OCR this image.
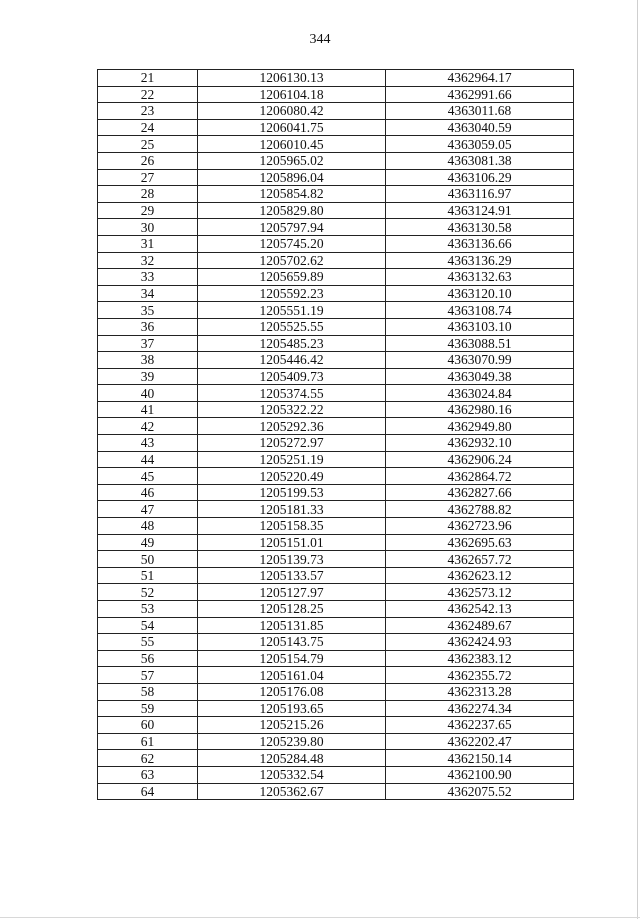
344
21	1206130.13	4362964.17
22	1206104.18	4362991.66
23	1206080.42	4363011.68
24	1206041.75	4363040.59
25	1206010.45	4363059.05
26	1205965.02	4363081.38
27	1205896.04	4363106.29
28	1205854.82	4363116.97
29	1205829.80	4363124.91
30	1205797.94	4363130.58
31	1205745.20	4363136.66
32	1205702.62	4363136.29
33	1205659.89	4363132.63
34	1205592.23	4363120.10
35	1205551.19	4363108.74
36	1205525.55	4363103.10
37	1205485.23	4363088.51
38	1205446.42	4363070.99
39	1205409.73	4363049.38
40	1205374.55	4363024.84
41	1205322.22	4362980.16
42	1205292.36	4362949.80
43	1205272.97	4362932.10
44	1205251.19	4362906.24
45	1205220.49	4362864.72
46	1205199.53	4362827.66
47	1205181.33	4362788.82
48	1205158.35	4362723.96
49	1205151.01	4362695.63
50	1205139.73	4362657.72
51	1205133.57	4362623.12
52	1205127.97	4362573.12
53	1205128.25	4362542.13
54	1205131.85	4362489.67
55	1205143.75	4362424.93
56	1205154.79	4362383.12
57	1205161.04	4362355.72
58	1205176.08	4362313.28
59	1205193.65	4362274.34
60	1205215.26	4362237.65
61	1205239.80	4362202.47
62	1205284.48	4362150.14
63	1205332.54	4362100.90
64	1205362.67	4362075.52
